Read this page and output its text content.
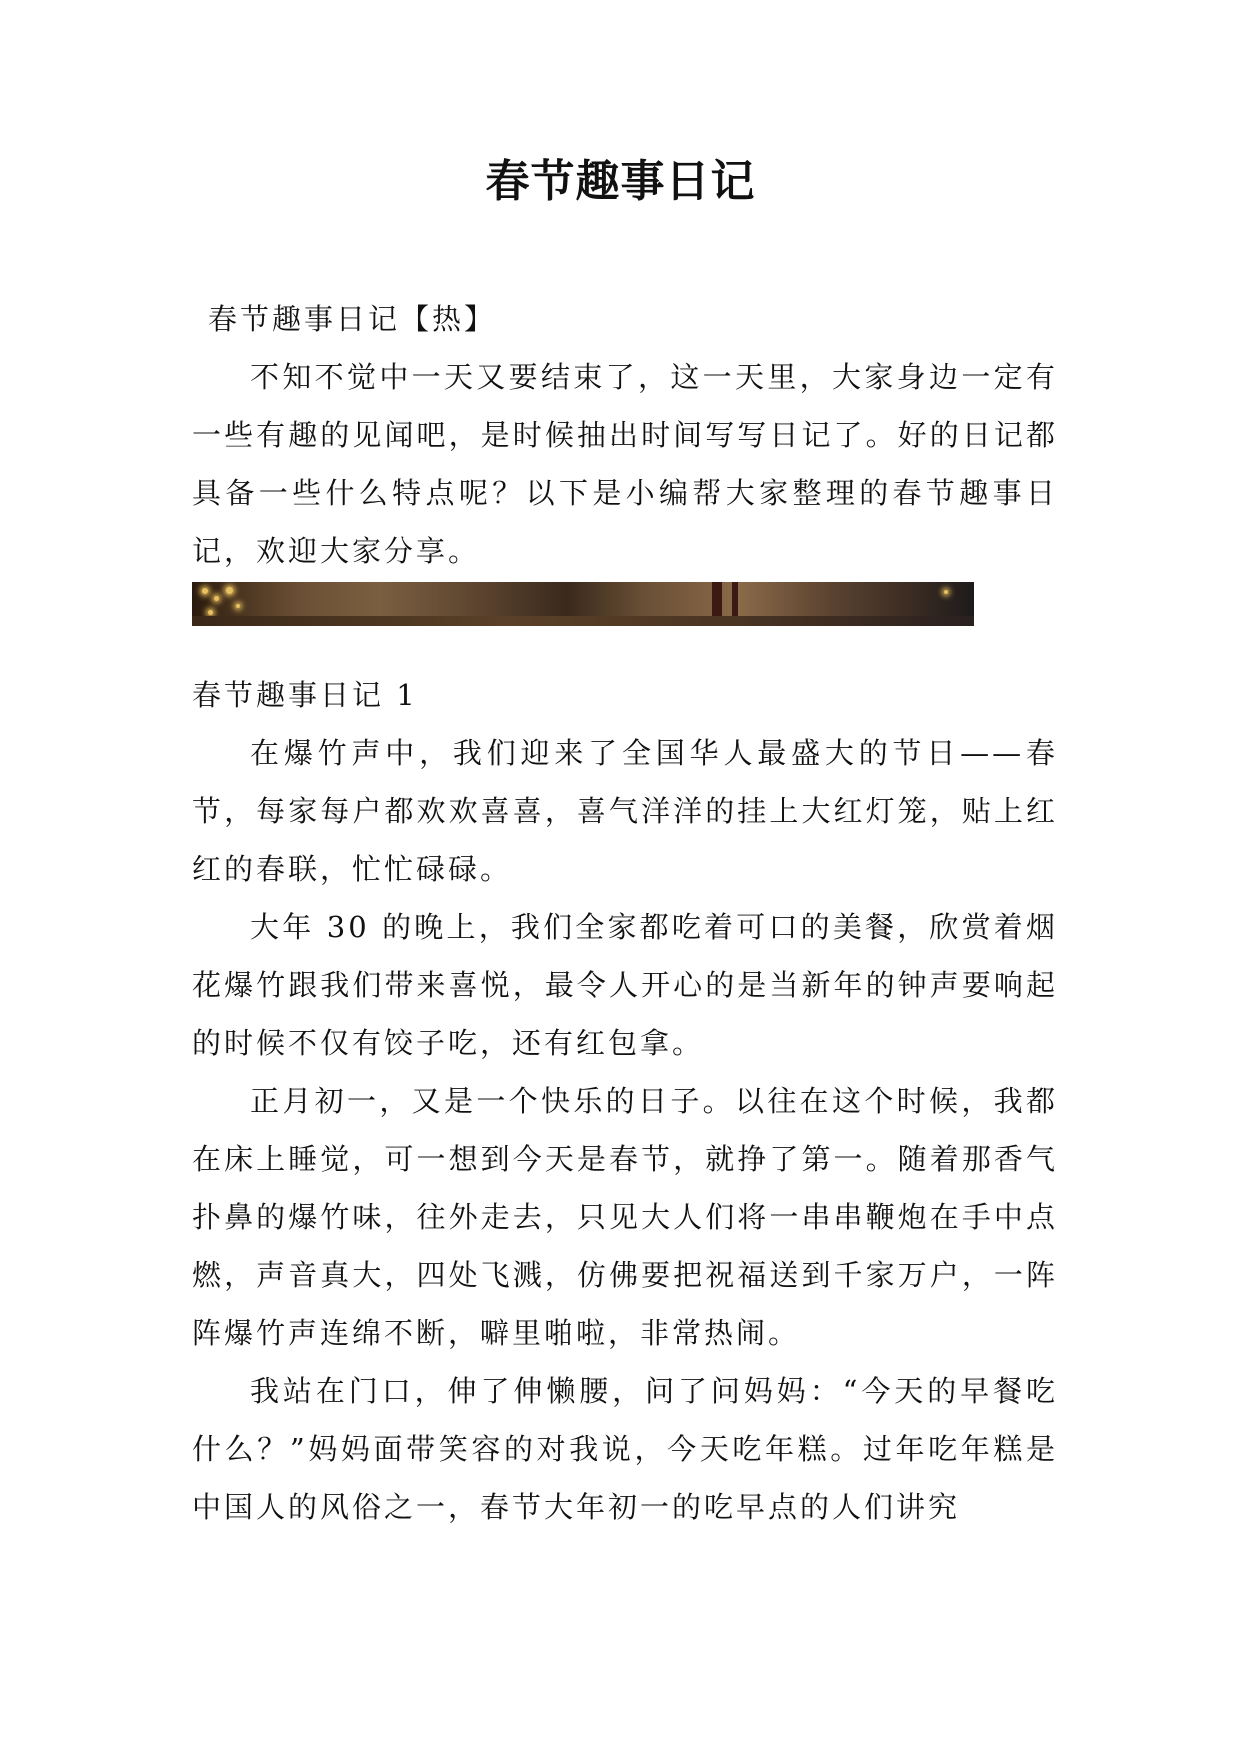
春节趣事日记

春节趣事日记【热】

不知不觉中一天又要结束了，这一天里，大家身边一定有一些有趣的见闻吧，是时候抽出时间写写日记了。好的日记都具备一些什么特点呢？以下是小编帮大家整理的春节趣事日记，欢迎大家分享。

春节趣事日记 1

在爆竹声中，我们迎来了全国华人最盛大的节日——春节，每家每户都欢欢喜喜，喜气洋洋的挂上大红灯笼，贴上红红的春联，忙忙碌碌。

大年 30 的晚上，我们全家都吃着可口的美餐，欣赏着烟花爆竹跟我们带来喜悦，最令人开心的是当新年的钟声要响起的时候不仅有饺子吃，还有红包拿。

正月初一，又是一个快乐的日子。以往在这个时候，我都在床上睡觉，可一想到今天是春节，就挣了第一。随着那香气扑鼻的爆竹味，往外走去，只见大人们将一串串鞭炮在手中点燃，声音真大，四处飞溅，仿佛要把祝福送到千家万户，一阵阵爆竹声连绵不断，噼里啪啦，非常热闹。

我站在门口，伸了伸懒腰，问了问妈妈：“今天的早餐吃什么？”妈妈面带笑容的对我说，今天吃年糕。过年吃年糕是中国人的风俗之一，春节大年初一的吃早点的人们讲究
